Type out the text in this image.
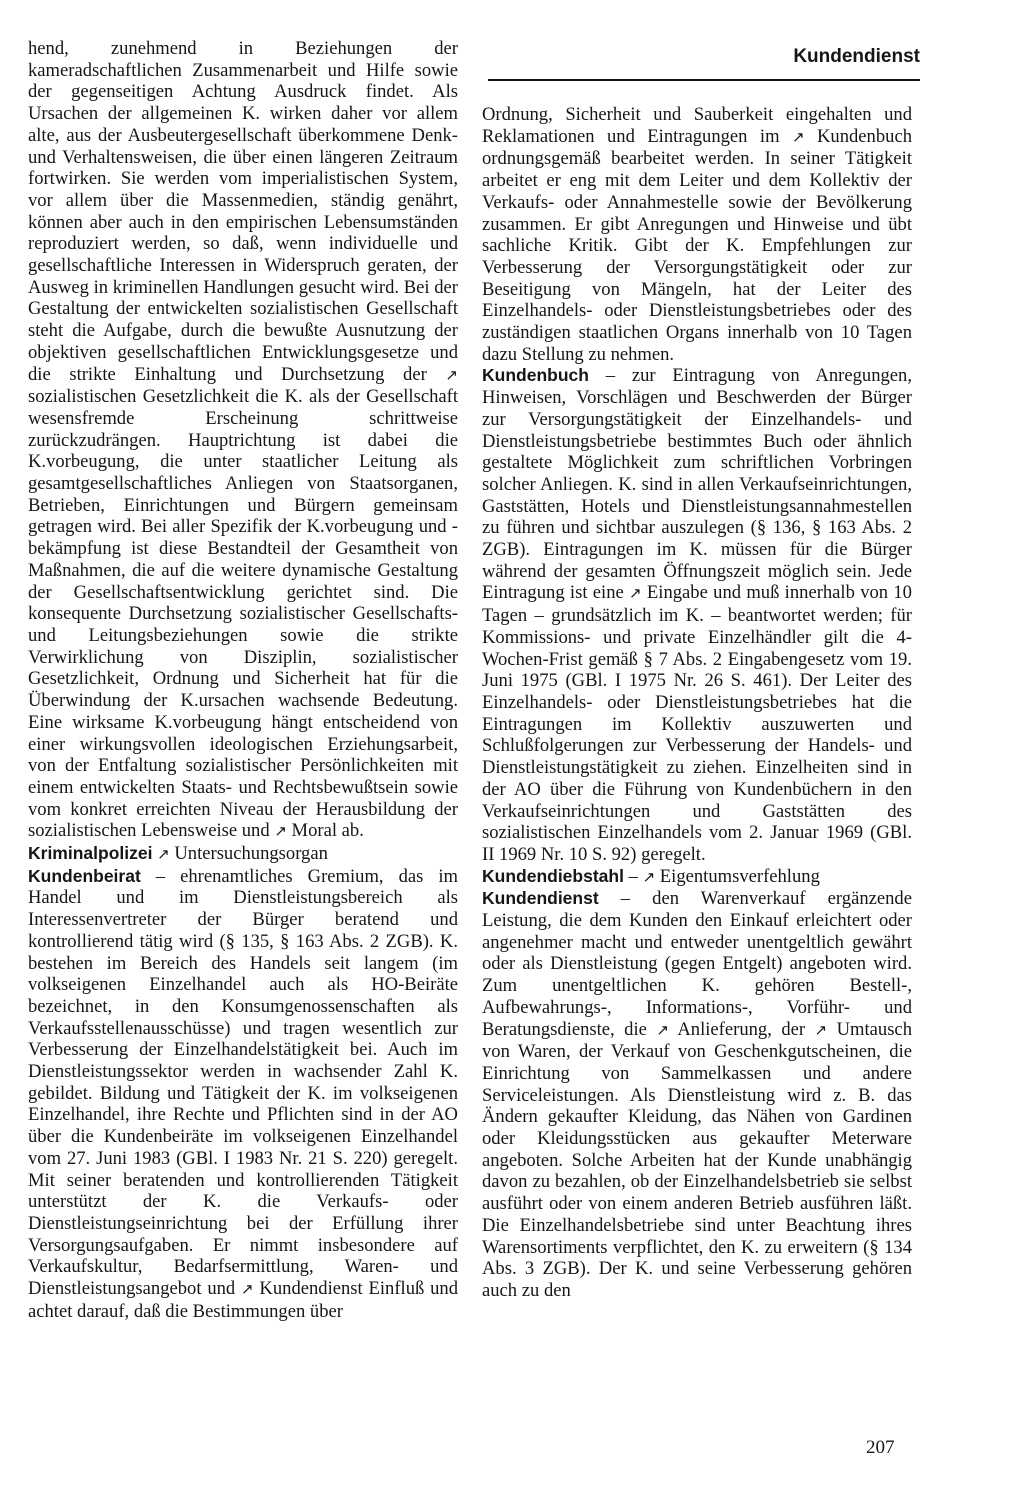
Kundendienst

hend, zunehmend in Beziehungen der kameradschaftlichen Zusammenarbeit und Hilfe sowie der gegenseitigen Achtung Ausdruck findet. Als Ursachen der allgemeinen K. wirken daher vor allem alte, aus der Ausbeutergesellschaft überkommene Denk- und Verhaltensweisen, die über einen längeren Zeitraum fortwirken. Sie werden vom imperialistischen System, vor allem über die Massenmedien, ständig genährt, können aber auch in den empirischen Lebensumständen reproduziert werden, so daß, wenn individuelle und gesellschaftliche Interessen in Widerspruch geraten, der Ausweg in kriminellen Handlungen gesucht wird. Bei der Gestaltung der entwickelten sozialistischen Gesellschaft steht die Aufgabe, durch die bewußte Ausnutzung der objektiven gesellschaftlichen Entwicklungsgesetze und die strikte Einhaltung und Durchsetzung der ↗ sozialistischen Gesetzlichkeit die K. als der Gesellschaft wesensfremde Erscheinung schrittweise zurückzudrängen. Hauptrichtung ist dabei die K.vorbeugung, die unter staatlicher Leitung als gesamtgesellschaftliches Anliegen von Staatsorganen, Betrieben, Einrichtungen und Bürgern gemeinsam getragen wird. Bei aller Spezifik der K.vorbeugung und -bekämpfung ist diese Bestandteil der Gesamtheit von Maßnahmen, die auf die weitere dynamische Gestaltung der Gesellschaftsentwicklung gerichtet sind. Die konsequente Durchsetzung sozialistischer Gesellschafts- und Leitungsbeziehungen sowie die strikte Verwirklichung von Disziplin, sozialistischer Gesetzlichkeit, Ordnung und Sicherheit hat für die Überwindung der K.ursachen wachsende Bedeutung. Eine wirksame K.vorbeugung hängt entscheidend von einer wirkungsvollen ideologischen Erziehungsarbeit, von der Entfaltung sozialistischer Persönlichkeiten mit einem entwickelten Staats- und Rechtsbewußtsein sowie vom konkret erreichten Niveau der Herausbildung der sozialistischen Lebensweise und ↗ Moral ab.

Kriminalpolizei ↗ Untersuchungsorgan

Kundenbeirat – ehrenamtliches Gremium, das im Handel und im Dienstleistungsbereich als Interessenvertreter der Bürger beratend und kontrollierend tätig wird (§ 135, § 163 Abs. 2 ZGB). K. bestehen im Bereich des Handels seit langem (im volkseigenen Einzelhandel auch als HO-Beiräte bezeichnet, in den Konsumgenossenschaften als Verkaufsstellenausschüsse) und tragen wesentlich zur Verbesserung der Einzelhandelstätigkeit bei. Auch im Dienstleistungssektor werden in wachsender Zahl K. gebildet. Bildung und Tätigkeit der K. im volkseigenen Einzelhandel, ihre Rechte und Pflichten sind in der AO über die Kundenbeiräte im volkseigenen Einzelhandel vom 27. Juni 1983 (GBl. I 1983 Nr. 21 S. 220) geregelt. Mit seiner beratenden und kontrollierenden Tätigkeit unterstützt der K. die Verkaufs- oder Dienstleistungseinrichtung bei der Erfüllung ihrer Versorgungsaufgaben. Er nimmt insbesondere auf Verkaufskultur, Bedarfsermittlung, Waren- und Dienstleistungsangebot und ↗ Kundendienst Einfluß und achtet darauf, daß die Bestimmungen über

Ordnung, Sicherheit und Sauberkeit eingehalten und Reklamationen und Eintragungen im ↗ Kundenbuch ordnungsgemäß bearbeitet werden. In seiner Tätigkeit arbeitet er eng mit dem Leiter und dem Kollektiv der Verkaufs- oder Annahmestelle sowie der Bevölkerung zusammen. Er gibt Anregungen und Hinweise und übt sachliche Kritik. Gibt der K. Empfehlungen zur Verbesserung der Versorgungstätigkeit oder zur Beseitigung von Mängeln, hat der Leiter des Einzelhandels- oder Dienstleistungsbetriebes oder des zuständigen staatlichen Organs innerhalb von 10 Tagen dazu Stellung zu nehmen.

Kundenbuch – zur Eintragung von Anregungen, Hinweisen, Vorschlägen und Beschwerden der Bürger zur Versorgungstätigkeit der Einzelhandels- und Dienstleistungsbetriebe bestimmtes Buch oder ähnlich gestaltete Möglichkeit zum schriftlichen Vorbringen solcher Anliegen. K. sind in allen Verkaufseinrichtungen, Gaststätten, Hotels und Dienstleistungsannahmestellen zu führen und sichtbar auszulegen (§ 136, § 163 Abs. 2 ZGB). Eintragungen im K. müssen für die Bürger während der gesamten Öffnungszeit möglich sein. Jede Eintragung ist eine ↗ Eingabe und muß innerhalb von 10 Tagen – grundsätzlich im K. – beantwortet werden; für Kommissions- und private Einzelhändler gilt die 4-Wochen-Frist gemäß § 7 Abs. 2 Eingabengesetz vom 19. Juni 1975 (GBl. I 1975 Nr. 26 S. 461). Der Leiter des Einzelhandels- oder Dienstleistungsbetriebes hat die Eintragungen im Kollektiv auszuwerten und Schlußfolgerungen zur Verbesserung der Handels- und Dienstleistungstätigkeit zu ziehen. Einzelheiten sind in der AO über die Führung von Kundenbüchern in den Verkaufseinrichtungen und Gaststätten des sozialistischen Einzelhandels vom 2. Januar 1969 (GBl. II 1969 Nr. 10 S. 92) geregelt.

Kundendiebstahl – ↗ Eigentumsverfehlung

Kundendienst – den Warenverkauf ergänzende Leistung, die dem Kunden den Einkauf erleichtert oder angenehmer macht und entweder unentgeltlich gewährt oder als Dienstleistung (gegen Entgelt) angeboten wird. Zum unentgeltlichen K. gehören Bestell-, Aufbewahrungs-, Informations-, Vorführ- und Beratungsdienste, die ↗ Anlieferung, der ↗ Umtausch von Waren, der Verkauf von Geschenkgutscheinen, die Einrichtung von Sammelkassen und andere Serviceleistungen. Als Dienstleistung wird z. B. das Ändern gekaufter Kleidung, das Nähen von Gardinen oder Kleidungsstücken aus gekaufter Meterware angeboten. Solche Arbeiten hat der Kunde unabhängig davon zu bezahlen, ob der Einzelhandelsbetrieb sie selbst ausführt oder von einem anderen Betrieb ausführen läßt. Die Einzelhandelsbetriebe sind unter Beachtung ihres Warensortiments verpflichtet, den K. zu erweitern (§ 134 Abs. 3 ZGB). Der K. und seine Verbesserung gehören auch zu den

207
